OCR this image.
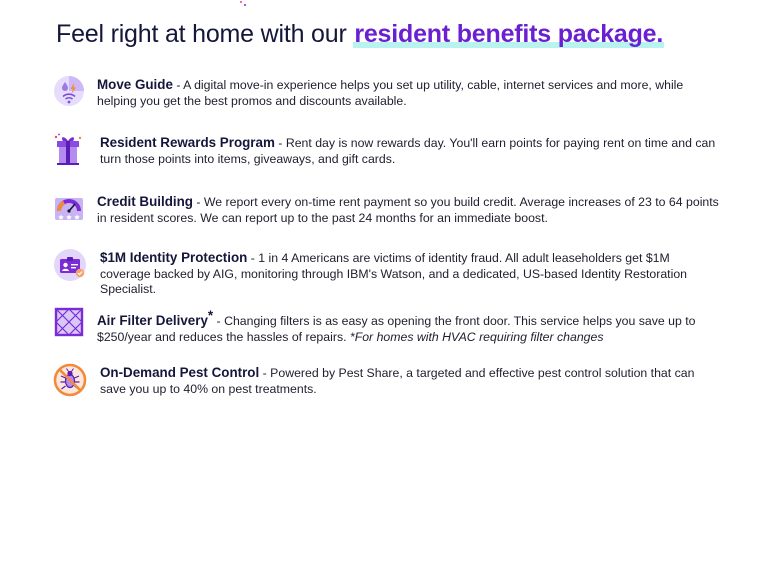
Feel right at home with our resident benefits package.
Move Guide - A digital move-in experience helps you set up utility, cable, internet services and more, while helping you get the best promos and discounts available.
Resident Rewards Program - Rent day is now rewards day. You'll earn points for paying rent on time and can turn those points into items, giveaways, and gift cards.
Credit Building - We report every on-time rent payment so you build credit. Average increases of 23 to 64 points in resident scores. We can report up to the past 24 months for an immediate boost.
$1M Identity Protection - 1 in 4 Americans are victims of identity fraud. All adult leaseholders get $1M coverage backed by AIG, monitoring through IBM's Watson, and a dedicated, US-based Identity Restoration Specialist.
Air Filter Delivery* - Changing filters is as easy as opening the front door. This service helps you save up to $250/year and reduces the hassles of repairs. *For homes with HVAC requiring filter changes
On-Demand Pest Control - Powered by Pest Share, a targeted and effective pest control solution that can save you up to 40% on pest treatments.
